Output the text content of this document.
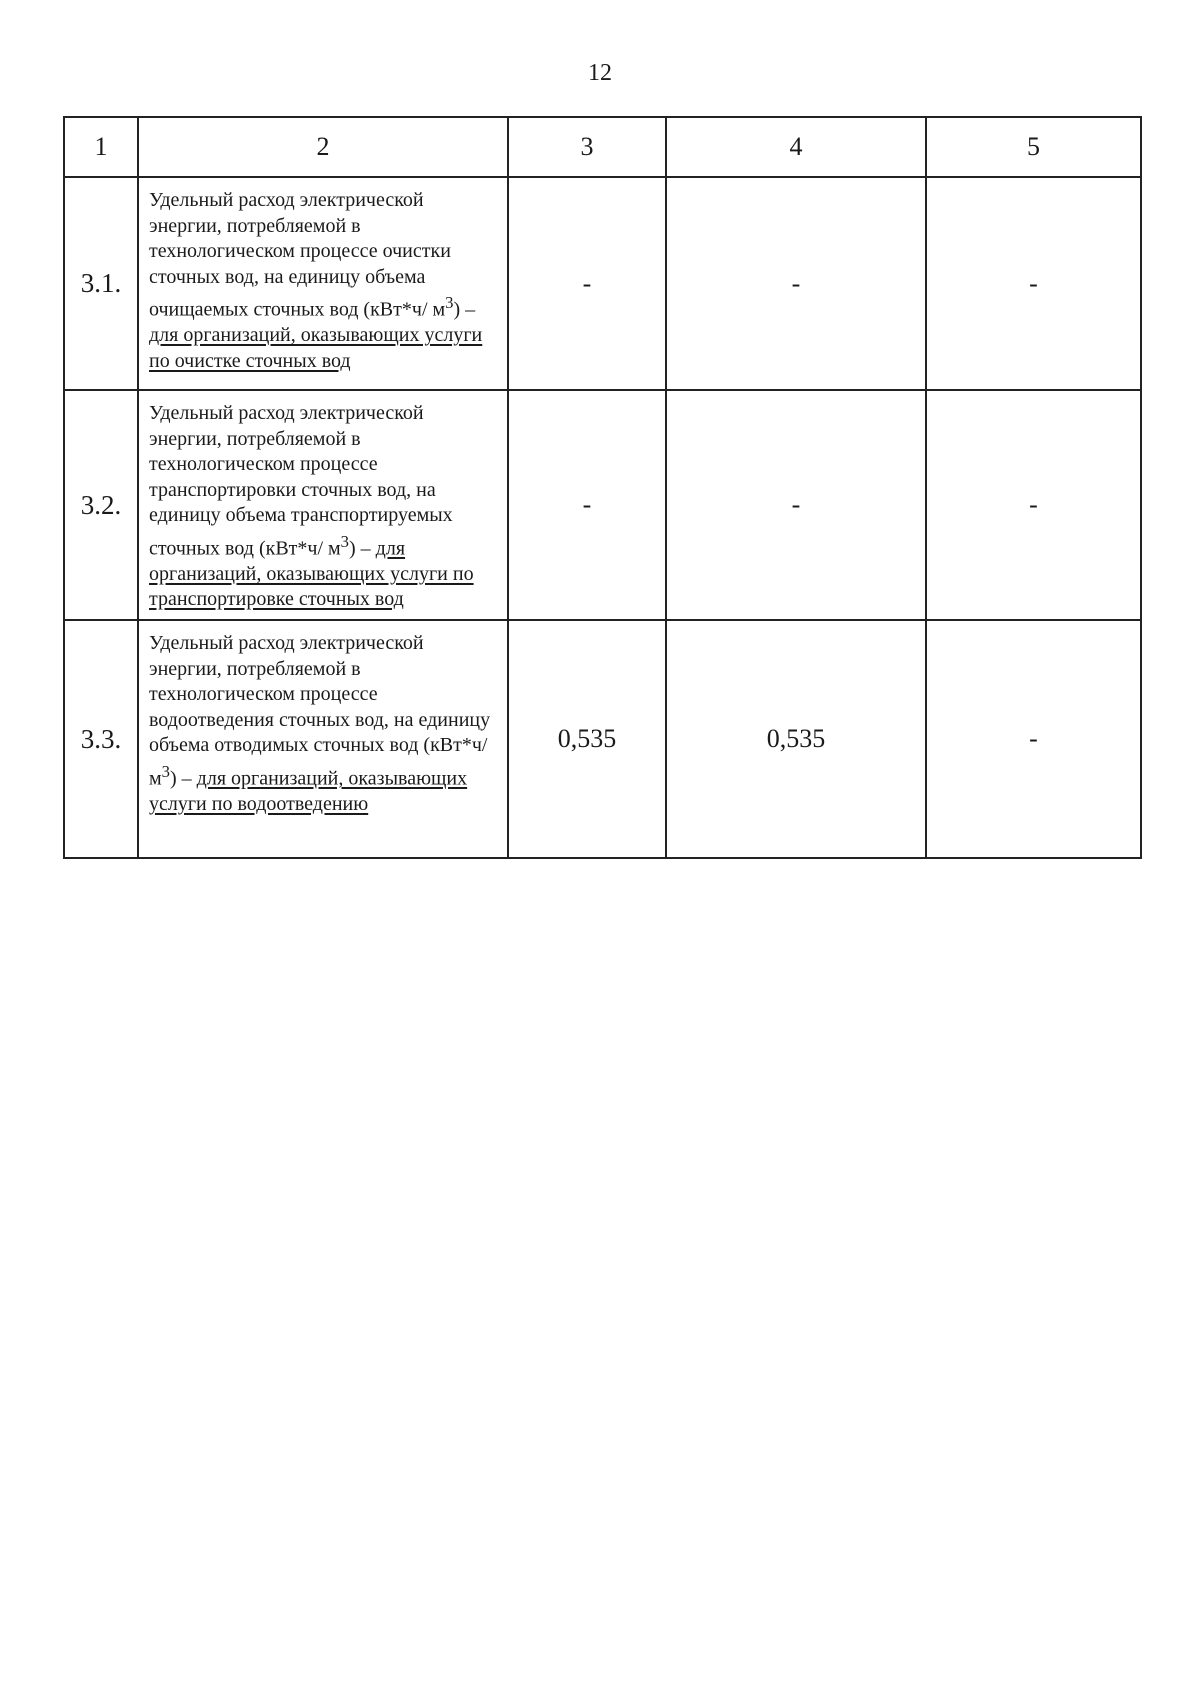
12
1	2	3	4	5
3.1.	Удельный расход электрической энергии, потребляемой в технологическом процессе очистки сточных вод, на единицу объема очищаемых сточных вод (кВт*ч/ $м^3$) – для организаций, оказывающих услуги по очистке сточных вод	-	-	-
3.2.	Удельный расход электрической энергии, потребляемой в технологическом процессе транспортировки сточных вод, на единицу объема транспортируемых сточных вод (кВт*ч/ $м^3$) – для организаций, оказывающих услуги по транспортировке сточных вод	-	-	-
3.3.	Удельный расход электрической энергии, потребляемой в технологическом процессе водоотведения сточных вод, на единицу объема отводимых сточных вод (кВт*ч/ $м^3$) – для организаций, оказывающих услуги по водоотведению	0,535	0,535	-
